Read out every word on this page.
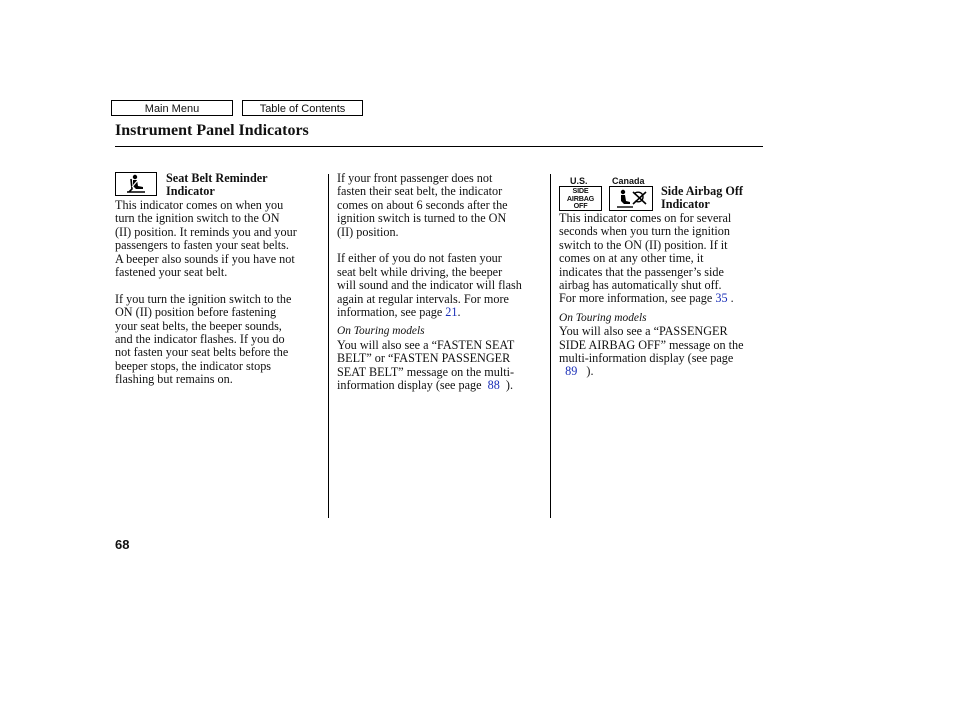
Main Menu	Table of Contents
Instrument Panel Indicators

Seat Belt Reminder

Indicator

This indicator comes on when you

turn the ignition switch to the ON

(II) position. It reminds you and your

passengers to fasten your seat belts.

A beeper also sounds if you have not

fastened your seat belt.

If you turn the ignition switch to the

ON (II) position before fastening

your seat belts, the beeper sounds,

and the indicator flashes. If you do

not fasten your seat belts before the

beeper stops, the indicator stops

flashing but remains on.

If your front passenger does not

fasten their seat belt, the indicator

comes on about 6 seconds after the

ignition switch is turned to the ON

(II) position.

If either of you do not fasten your

seat belt while driving, the beeper

will sound and the indicator will flash

again at regular intervals. For more

information, see page 21.

On Touring models

You will also see a “FASTEN SEAT

BELT” or “FASTEN PASSENGER

SEAT BELT” message on the multi-

information display (see page 88 ).

U.S.	Canada
SIDE
AIRBAG
OFF

Side Airbag Off

Indicator

This indicator comes on for several

seconds when you turn the ignition

switch to the ON (II) position. If it

comes on at any other time, it

indicates that the passenger’s side

airbag has automatically shut off.

For more information, see page 35 .

On Touring models

You will also see a “PASSENGER

SIDE AIRBAG OFF” message on the

multi-information display (see page

89 ).

68
